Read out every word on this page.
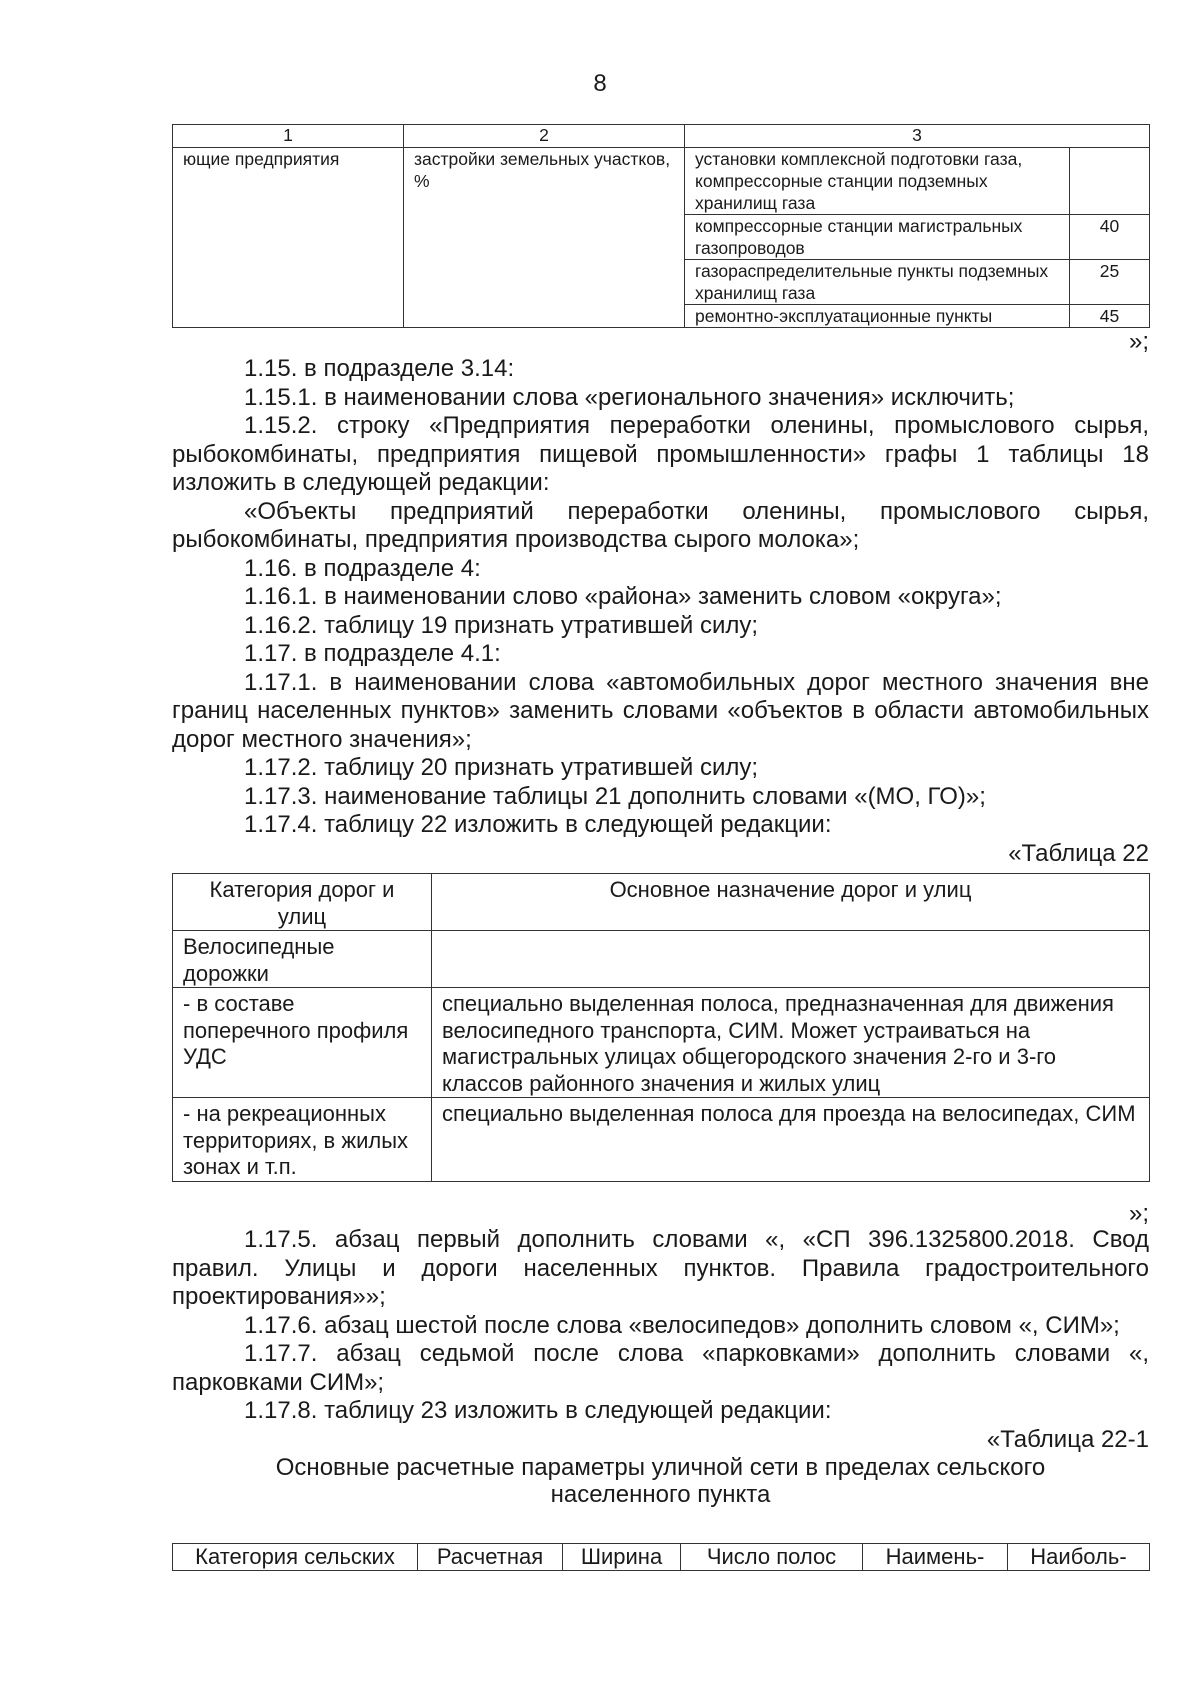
8
1	2	3	
ющие предприятия	застройки земельных участков, %	установки комплексной подготовки газа, компрессорные станции подземных хранилищ газа	
		компрессорные станции магистральных газопроводов	40
		газораспределительные пункты подземных хранилищ газа	25
		ремонтно-эксплуатационные пункты	45

»;

1.15. в подразделе 3.14:

1.15.1. в наименовании слова «регионального значения» исключить;

1.15.2. строку «Предприятия переработки оленины, промыслового сырья, рыбокомбинаты, предприятия пищевой промышленности» графы 1 таблицы 18 изложить в следующей редакции:

«Объекты предприятий переработки оленины, промыслового сырья, рыбокомбинаты, предприятия производства сырого молока»;

1.16. в подразделе 4:

1.16.1. в наименовании слово «района» заменить словом «округа»;

1.16.2. таблицу 19 признать утратившей силу;

1.17. в подразделе 4.1:

1.17.1. в наименовании слова «автомобильных дорог местного значения вне границ населенных пунктов» заменить словами «объектов в области автомобильных дорог местного значения»;

1.17.2. таблицу 20 признать утратившей силу;

1.17.3. наименование таблицы 21 дополнить словами «(МО, ГО)»;

1.17.4. таблицу 22 изложить в следующей редакции:

«Таблица 22

Категория дорог и улиц	Основное назначение дорог и улиц
Велосипедные дорожки	
- в составе поперечного профиля УДС	специально выделенная полоса, предназначенная для движения велосипедного транспорта, СИМ. Может устраиваться на магистральных улицах общегородского значения 2-го и 3-го классов районного значения и жилых улиц
- на рекреационных территориях, в жилых зонах и т.п.	специально выделенная полоса для проезда на велосипедах, СИМ

»;

1.17.5. абзац первый дополнить словами «, «СП 396.1325800.2018. Свод правил. Улицы и дороги населенных пунктов. Правила градостроительного проектирования»»;

1.17.6. абзац шестой после слова «велосипедов» дополнить словом «, СИМ»;

1.17.7. абзац седьмой после слова «парковками» дополнить словами «, парковками СИМ»;

1.17.8. таблицу 23 изложить в следующей редакции:

«Таблица 22-1

Основные расчетные параметры уличной сети в пределах сельского населенного пункта

Категория сельских	Расчетная	Ширина	Число полос	Наимень-	Наиболь-
